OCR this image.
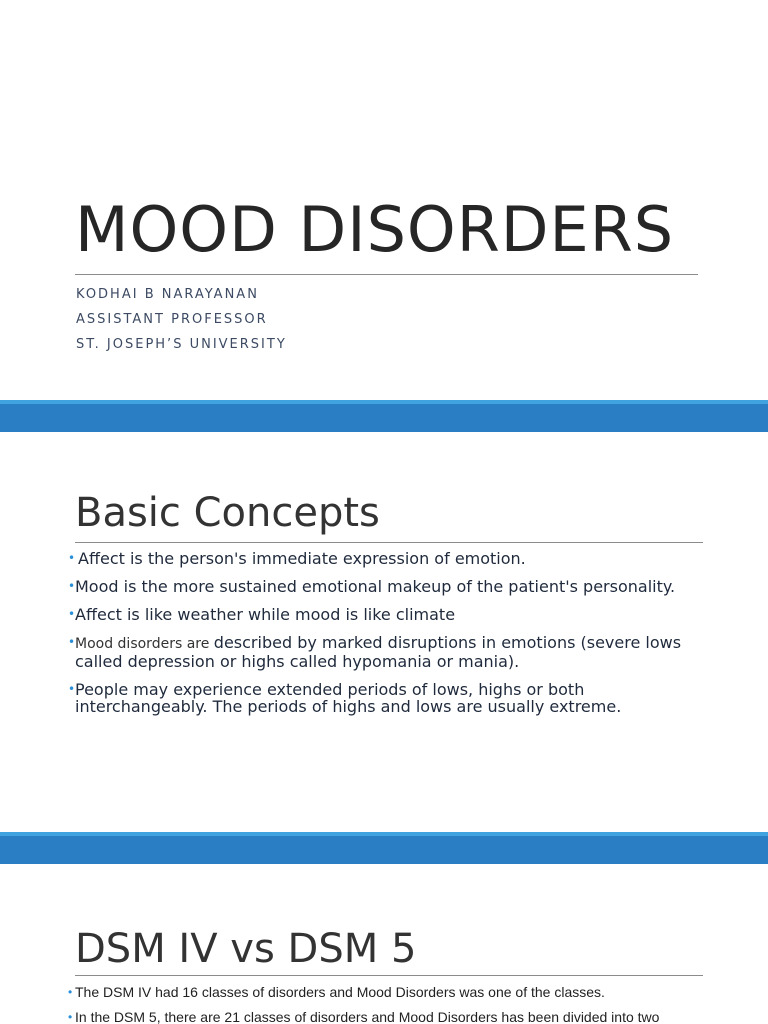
MOOD DISORDERS
KODHAI B NARAYANAN
ASSISTANT PROFESSOR
ST. JOSEPH’S UNIVERSITY
Basic Concepts
• Affect is the person's immediate expression of emotion.
• Mood is the more sustained emotional makeup of the patient's personality.
• Affect is like weather while mood is like climate
• Mood disorders are described by marked disruptions in emotions (severe lows called depression or highs called hypomania or mania).
• People may experience extended periods of lows, highs or both interchangeably. The periods of highs and lows are usually extreme.
DSM IV vs DSM 5
• The DSM IV had 16 classes of disorders and Mood Disorders was one of the classes.
• In the DSM 5, there are 21 classes of disorders and Mood Disorders has been divided into two
